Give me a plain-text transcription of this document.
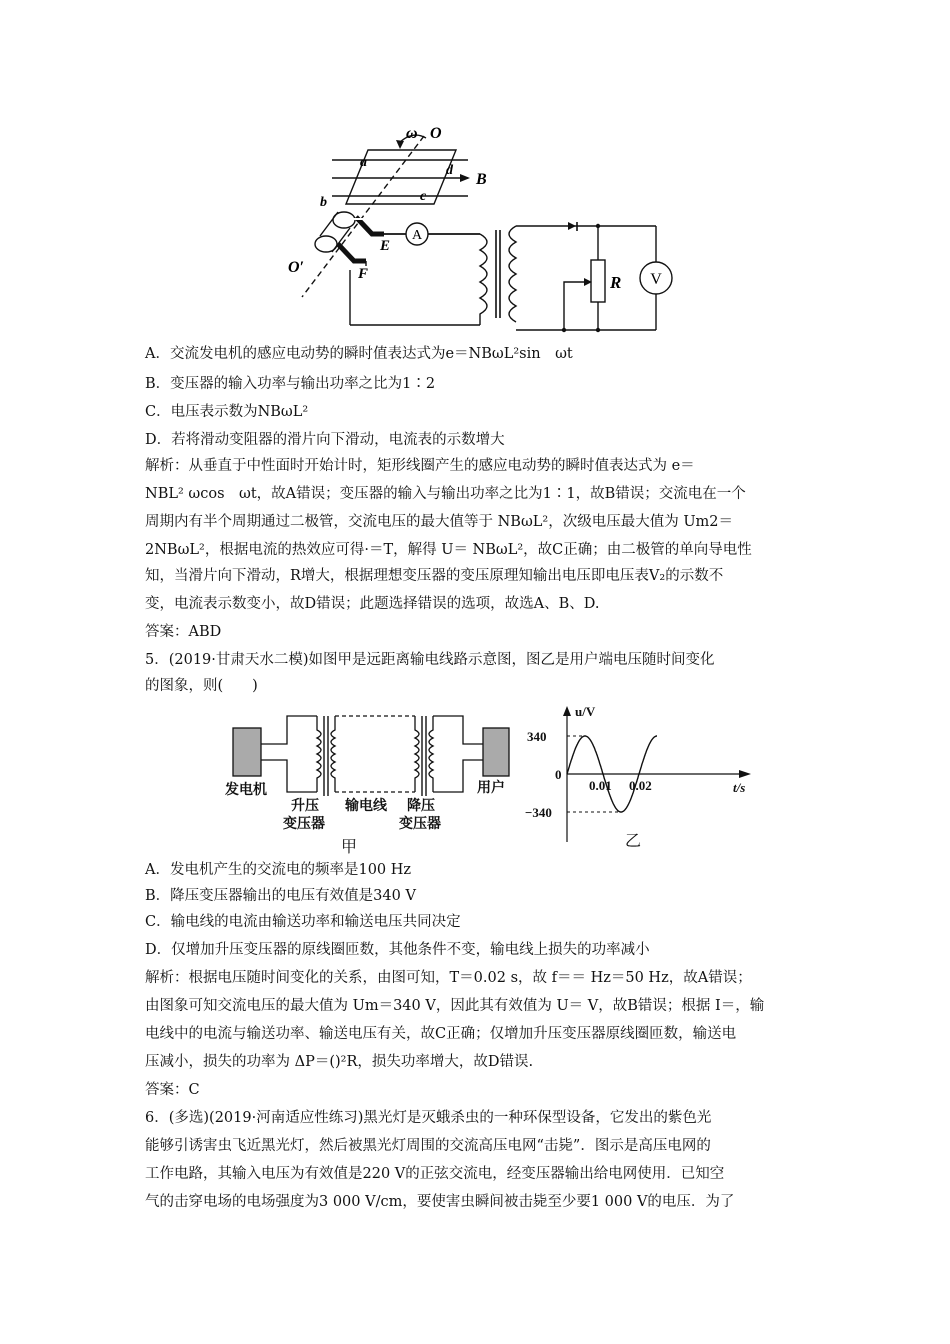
V
R
A
ω O
a
d
B
c
b
E
F
O′
A．交流发电机的感应电动势的瞬时值表达式为e＝NBωL²sin　ωt
B．变压器的输入功率与输出功率之比为1∶2
C．电压表示数为NBωL²
D．若将滑动变阻器的滑片向下滑动，电流表的示数增大
解析：从垂直于中性面时开始计时，矩形线圈产生的感应电动势的瞬时值表达式为 e＝
NBL² ωcos　ωt，故A错误；变压器的输入与输出功率之比为1∶1，故B错误；交流电在一个
周期内有半个周期通过二极管，交流电压的最大值等于 NBωL²，次级电压最大值为 Um2＝
2NBωL²，根据电流的热效应可得·＝T，解得 U＝ NBωL²，故C正确；由二极管的单向导电性
知，当滑片向下滑动，R增大，根据理想变压器的变压原理知输出电压即电压表V₂的示数不
变，电流表示数变小，故D错误；此题选择错误的选项，故选A、B、D.
答案：ABD
5．(2019·甘肃天水二模)如图甲是远距离输电线路示意图，图乙是用户端电压随时间变化
的图象，则(　　)
发电机
升压
变压器
输电线 降压
变压器
用户
甲
u/V
340
0
−340
0.01 0.02	t/s
乙
A．发电机产生的交流电的频率是100 Hz
B．降压变压器输出的电压有效值是340 V
C．输电线的电流由输送功率和输送电压共同决定
D．仅增加升压变压器的原线圈匝数，其他条件不变，输电线上损失的功率减小
解析：根据电压随时间变化的关系，由图可知，T＝0.02 s，故 f＝＝ Hz＝50 Hz，故A错误；
由图象可知交流电压的最大值为 Um＝340 V，因此其有效值为 U＝ V，故B错误；根据 I＝，输
电线中的电流与输送功率、输送电压有关，故C正确；仅增加升压变压器原线圈匝数，输送电
压减小，损失的功率为 ΔP＝()²R，损失功率增大，故D错误.
答案：C
6．(多选)(2019·河南适应性练习)黑光灯是灭蛾杀虫的一种环保型设备，它发出的紫色光
能够引诱害虫飞近黑光灯，然后被黑光灯周围的交流高压电网“击毙”．图示是高压电网的
工作电路，其输入电压为有效值是220 V的正弦交流电，经变压器输出给电网使用．已知空
气的击穿电场的电场强度为3 000 V/cm，要使害虫瞬间被击毙至少要1 000 V的电压．为了
